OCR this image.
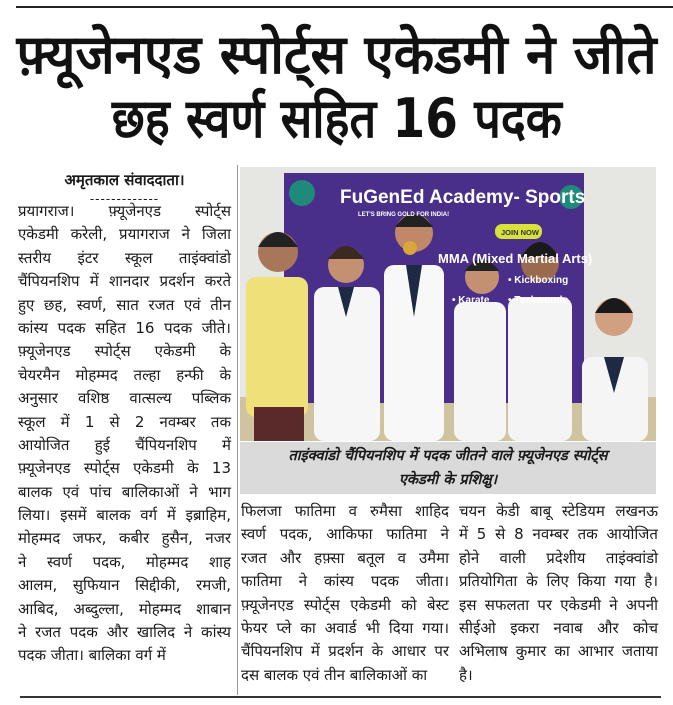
फ़्यूजेनएड स्पोर्ट्स एकेडमी ने जीते
छह स्वर्ण सहित 16 पदक
अमृतकाल संवाददाता।
-------------
प्रयागराज। फ़्यूजेनएड स्पोर्ट्स
एकेडमी करेली, प्रयागराज ने जिला
स्तरीय इंटर स्कूल ताइंक्वांडो
चैंपियनशिप में शानदार प्रदर्शन करते
हुए छह, स्वर्ण, सात रजत एवं तीन
कांस्य पदक सहित 16 पदक जीते।
फ़्यूजेनएड स्पोर्ट्स एकेडमी के
चेयरमैन मोहम्मद तल्हा हन्फी के
अनुसार वशिष्ठ वात्सल्य पब्लिक
स्कूल में 1 से 2 नवम्बर तक
आयोजित हुई चैंपियनशिप में
फ़्यूजेनएड स्पोर्ट्स एकेडमी के 13
बालक एवं पांच बालिकाओं ने भाग
लिया। इसमें बालक वर्ग में इब्राहिम,
मोहम्मद जफर, कबीर हुसैन, नजर
ने स्वर्ण पदक, मोहम्मद शाह
आलम, सुफियान सिद्दीकी, रमजी,
आबिद, अब्दुल्ला, मोहम्मद शाबान
ने रजत पदक और खालिद ने कांस्य
पदक जीता। बालिका वर्ग में
FuGenEd Academy- Sports
LET'S BRING GOLD FOR INDIA!
JOIN NOW
MMA (Mixed Martial Arts)
• Kickboxing
• Taekwondo
• Karate
ताइंक्वांडो चैंपियनशिप में पदक जीतने वाले फ़्यूजेनएड स्पोर्ट्स
एकेडमी के प्रशिक्षु।
फिलजा फातिमा व रुमैसा शाहिद
स्वर्ण पदक, आकिफा फातिमा ने
रजत और हफ़्सा बतूल व उमैमा
फातिमा ने कांस्य पदक जीता।
फ़्यूजेनएड स्पोर्ट्स एकेडमी को बेस्ट
फेयर प्ले का अवार्ड भी दिया गया।
चैंपियनशिप में प्रदर्शन के आधार पर
दस बालक एवं तीन बालिकाओं का
चयन केडी बाबू स्टेडियम लखनऊ
में 5 से 8 नवम्बर तक आयोजित
होने वाली प्रदेशीय ताइंक्वांडो
प्रतियोगिता के लिए किया गया है।
इस सफलता पर एकेडमी ने अपनी
सीईओ इकरा नवाब और कोच
अभिलाष कुमार का आभार जताया
है।
